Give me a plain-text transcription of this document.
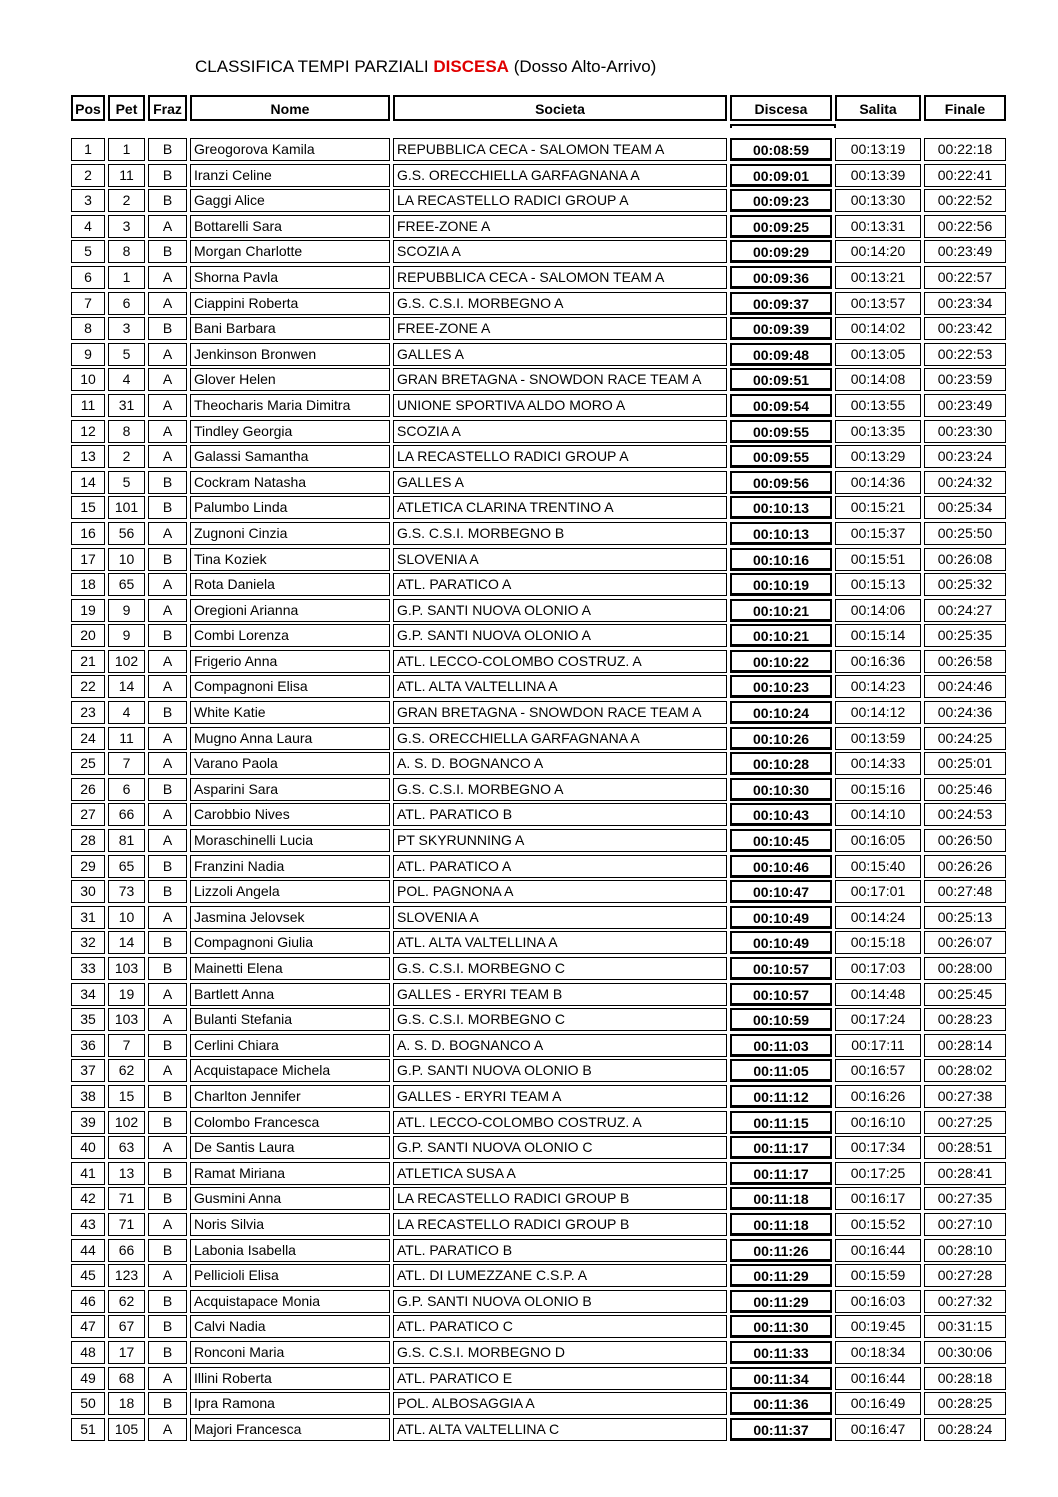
CLASSIFICA TEMPI PARZIALI DISCESA (Dosso Alto-Arrivo)
Pos	Pet	Fraz	Nome	Societa	Discesa	Salita	Finale
1	1	B	Greogorova Kamila	REPUBBLICA CECA - SALOMON TEAM A	00:08:59	00:13:19	00:22:18
2	11	B	Iranzi Celine	G.S. ORECCHIELLA GARFAGNANA A	00:09:01	00:13:39	00:22:41
3	2	B	Gaggi Alice	LA RECASTELLO RADICI GROUP A	00:09:23	00:13:30	00:22:52
4	3	A	Bottarelli Sara	FREE-ZONE A	00:09:25	00:13:31	00:22:56
5	8	B	Morgan Charlotte	SCOZIA A	00:09:29	00:14:20	00:23:49
6	1	A	Shorna Pavla	REPUBBLICA CECA - SALOMON TEAM A	00:09:36	00:13:21	00:22:57
7	6	A	Ciappini Roberta	G.S. C.S.I. MORBEGNO A	00:09:37	00:13:57	00:23:34
8	3	B	Bani Barbara	FREE-ZONE A	00:09:39	00:14:02	00:23:42
9	5	A	Jenkinson Bronwen	GALLES A	00:09:48	00:13:05	00:22:53
10	4	A	Glover Helen	GRAN BRETAGNA - SNOWDON RACE TEAM A	00:09:51	00:14:08	00:23:59
11	31	A	Theocharis Maria Dimitra	UNIONE SPORTIVA ALDO MORO A	00:09:54	00:13:55	00:23:49
12	8	A	Tindley Georgia	SCOZIA A	00:09:55	00:13:35	00:23:30
13	2	A	Galassi Samantha	LA RECASTELLO RADICI GROUP A	00:09:55	00:13:29	00:23:24
14	5	B	Cockram Natasha	GALLES A	00:09:56	00:14:36	00:24:32
15	101	B	Palumbo Linda	ATLETICA CLARINA TRENTINO A	00:10:13	00:15:21	00:25:34
16	56	A	Zugnoni Cinzia	G.S. C.S.I. MORBEGNO B	00:10:13	00:15:37	00:25:50
17	10	B	Tina Koziek	SLOVENIA A	00:10:16	00:15:51	00:26:08
18	65	A	Rota Daniela	ATL. PARATICO A	00:10:19	00:15:13	00:25:32
19	9	A	Oregioni Arianna	G.P. SANTI NUOVA OLONIO A	00:10:21	00:14:06	00:24:27
20	9	B	Combi Lorenza	G.P. SANTI NUOVA OLONIO A	00:10:21	00:15:14	00:25:35
21	102	A	Frigerio Anna	ATL. LECCO-COLOMBO COSTRUZ. A	00:10:22	00:16:36	00:26:58
22	14	A	Compagnoni Elisa	ATL. ALTA VALTELLINA A	00:10:23	00:14:23	00:24:46
23	4	B	White Katie	GRAN BRETAGNA - SNOWDON RACE TEAM A	00:10:24	00:14:12	00:24:36
24	11	A	Mugno Anna Laura	G.S. ORECCHIELLA GARFAGNANA A	00:10:26	00:13:59	00:24:25
25	7	A	Varano Paola	A. S. D. BOGNANCO A	00:10:28	00:14:33	00:25:01
26	6	B	Asparini Sara	G.S. C.S.I. MORBEGNO A	00:10:30	00:15:16	00:25:46
27	66	A	Carobbio Nives	ATL. PARATICO B	00:10:43	00:14:10	00:24:53
28	81	A	Moraschinelli Lucia	PT SKYRUNNING A	00:10:45	00:16:05	00:26:50
29	65	B	Franzini Nadia	ATL. PARATICO A	00:10:46	00:15:40	00:26:26
30	73	B	Lizzoli Angela	POL. PAGNONA A	00:10:47	00:17:01	00:27:48
31	10	A	Jasmina Jelovsek	SLOVENIA A	00:10:49	00:14:24	00:25:13
32	14	B	Compagnoni Giulia	ATL. ALTA VALTELLINA A	00:10:49	00:15:18	00:26:07
33	103	B	Mainetti Elena	G.S. C.S.I. MORBEGNO C	00:10:57	00:17:03	00:28:00
34	19	A	Bartlett Anna	GALLES - ERYRI TEAM B	00:10:57	00:14:48	00:25:45
35	103	A	Bulanti Stefania	G.S. C.S.I. MORBEGNO C	00:10:59	00:17:24	00:28:23
36	7	B	Cerlini Chiara	A. S. D. BOGNANCO A	00:11:03	00:17:11	00:28:14
37	62	A	Acquistapace Michela	G.P. SANTI NUOVA OLONIO B	00:11:05	00:16:57	00:28:02
38	15	B	Charlton Jennifer	GALLES - ERYRI TEAM A	00:11:12	00:16:26	00:27:38
39	102	B	Colombo Francesca	ATL. LECCO-COLOMBO COSTRUZ. A	00:11:15	00:16:10	00:27:25
40	63	A	De Santis Laura	G.P. SANTI NUOVA OLONIO C	00:11:17	00:17:34	00:28:51
41	13	B	Ramat Miriana	ATLETICA SUSA A	00:11:17	00:17:25	00:28:41
42	71	B	Gusmini Anna	LA RECASTELLO RADICI GROUP B	00:11:18	00:16:17	00:27:35
43	71	A	Noris Silvia	LA RECASTELLO RADICI GROUP B	00:11:18	00:15:52	00:27:10
44	66	B	Labonia Isabella	ATL. PARATICO B	00:11:26	00:16:44	00:28:10
45	123	A	Pellicioli Elisa	ATL. DI LUMEZZANE C.S.P. A	00:11:29	00:15:59	00:27:28
46	62	B	Acquistapace Monia	G.P. SANTI NUOVA OLONIO B	00:11:29	00:16:03	00:27:32
47	67	B	Calvi Nadia	ATL. PARATICO C	00:11:30	00:19:45	00:31:15
48	17	B	Ronconi Maria	G.S. C.S.I. MORBEGNO D	00:11:33	00:18:34	00:30:06
49	68	A	Illini Roberta	ATL. PARATICO E	00:11:34	00:16:44	00:28:18
50	18	B	Ipra Ramona	POL. ALBOSAGGIA A	00:11:36	00:16:49	00:28:25
51	105	A	Majori Francesca	ATL. ALTA VALTELLINA C	00:11:37	00:16:47	00:28:24
